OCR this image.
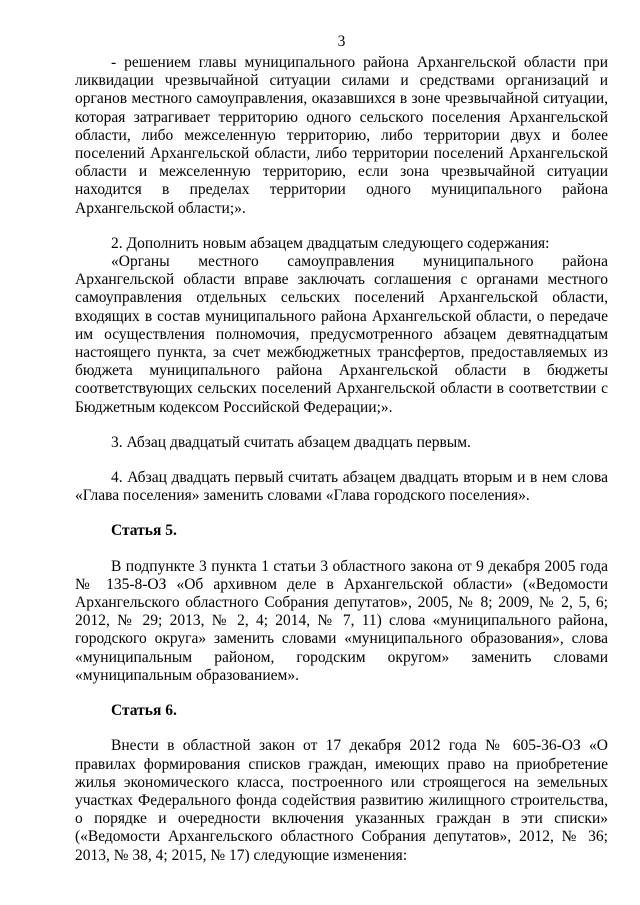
3

- решением главы муниципального района Архангельской области при ликвидации чрезвычайной ситуации силами и средствами организаций и органов местного самоуправления, оказавшихся в зоне чрезвычайной ситуации, которая затрагивает территорию одного сельского поселения Архангельской области, либо межселенную территорию, либо территории двух и более поселений Архангельской области, либо территории поселений Архангельской области и межселенную территорию, если зона чрезвычайной ситуации находится в пределах территории одного муниципального района Архангельской области;».

2. Дополнить новым абзацем двадцатым следующего содержания:

«Органы местного самоуправления муниципального района Архангельской области вправе заключать соглашения с органами местного самоуправления отдельных сельских поселений Архангельской области, входящих в состав муниципального района Архангельской области, о передаче им осуществления полномочия, предусмотренного абзацем девятнадцатым настоящего пункта, за счет межбюджетных трансфертов, предоставляемых из бюджета муниципального района Архангельской области в бюджеты соответствующих сельских поселений Архангельской области в соответствии с Бюджетным кодексом Российской Федерации;».

3. Абзац двадцатый считать абзацем двадцать первым.

4. Абзац двадцать первый считать абзацем двадцать вторым и в нем слова «Глава поселения» заменить словами «Глава городского поселения».

Статья 5.

В подпункте 3 пункта 1 статьи 3 областного закона от 9 декабря 2005 года № 135-8-ОЗ «Об архивном деле в Архангельской области» («Ведомости Архангельского областного Собрания депутатов», 2005, № 8; 2009, № 2, 5, 6; 2012, № 29; 2013, № 2, 4; 2014, № 7, 11) слова «муниципального района, городского округа» заменить словами «муниципального образования», слова «муниципальным районом, городским округом» заменить словами «муниципальным образованием».

Статья 6.

Внести в областной закон от 17 декабря 2012 года № 605-36-ОЗ «О правилах формирования списков граждан, имеющих право на приобретение жилья экономического класса, построенного или строящегося на земельных участках Федерального фонда содействия развитию жилищного строительства, о порядке и очередности включения указанных граждан в эти списки» («Ведомости Архангельского областного Собрания депутатов», 2012, № 36; 2013, № 38, 4; 2015, № 17) следующие изменения:
